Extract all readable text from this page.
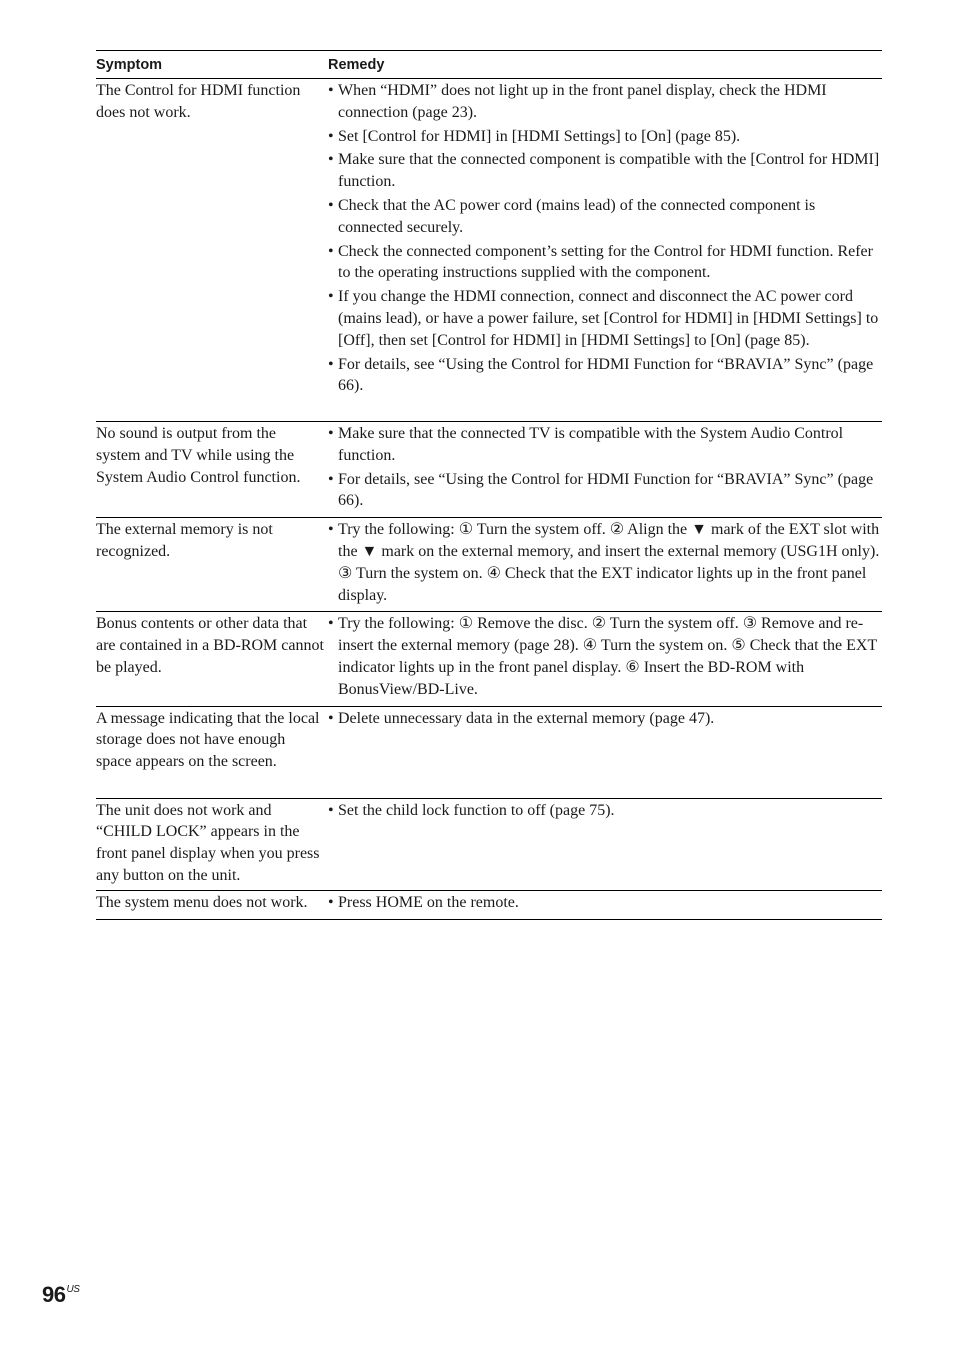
Symptom	Remedy
The Control for HDMI function does not work.
• When “HDMI” does not light up in the front panel display, check the HDMI connection (page 23).
• Set [Control for HDMI] in [HDMI Settings] to [On] (page 85).
• Make sure that the connected component is compatible with the [Control for HDMI] function.
• Check that the AC power cord (mains lead) of the connected component is connected securely.
• Check the connected component’s setting for the Control for HDMI function. Refer to the operating instructions supplied with the component.
• If you change the HDMI connection, connect and disconnect the AC power cord (mains lead), or have a power failure, set [Control for HDMI] in [HDMI Settings] to [Off], then set [Control for HDMI] in [HDMI Settings] to [On] (page 85).
• For details, see “Using the Control for HDMI Function for “BRAVIA” Sync” (page 66).
No sound is output from the system and TV while using the System Audio Control function.
• Make sure that the connected TV is compatible with the System Audio Control function.
• For details, see “Using the Control for HDMI Function for “BRAVIA” Sync” (page 66).
The external memory is not recognized.
• Try the following: ① Turn the system off. ② Align the ▼ mark of the EXT slot with the ▼ mark on the external memory, and insert the external memory (USG1H only). ③ Turn the system on. ④ Check that the EXT indicator lights up in the front panel display.
Bonus contents or other data that are contained in a BD-ROM cannot be played.
• Try the following: ① Remove the disc. ② Turn the system off. ③ Remove and re-insert the external memory (page 28). ④ Turn the system on. ⑤ Check that the EXT indicator lights up in the front panel display. ⑥ Insert the BD-ROM with BonusView/BD-Live.
A message indicating that the local storage does not have enough space appears on the screen.
• Delete unnecessary data in the external memory (page 47).
The unit does not work and “CHILD LOCK” appears in the front panel display when you press any button on the unit.
• Set the child lock function to off (page 75).
The system menu does not work.	• Press HOME on the remote.
$96^{US}$
